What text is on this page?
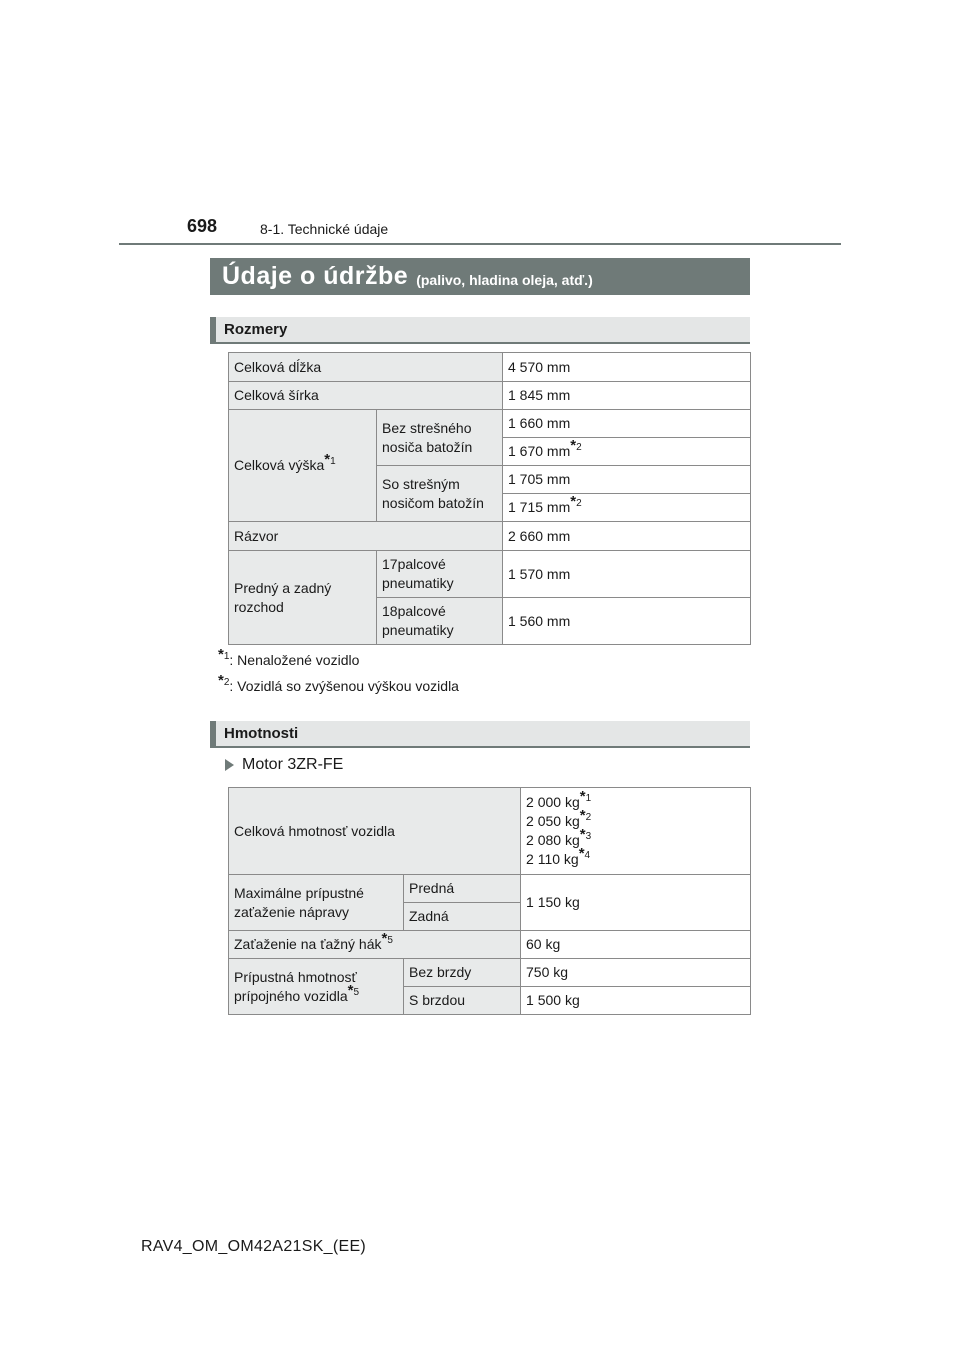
698	8-1. Technické údaje
Údaje o údržbe (palivo, hladina oleja, atď.)
Rozmery
Celková dĺžka		4 570 mm
Celková šírka		1 845 mm
Celková výška$^{*1}$	Bez strešného nosiča batožín	1 660 mm
		1 670 $mm^{*2}$
	So strešným nosičom batožín	1 705 mm
		1 715 $mm^{*2}$
Rázvor		2 660 mm
Predný a zadný rozchod	17palcové pneumatiky	1 570 mm
	18palcové pneumatiky	1 560 mm
$^{*1}$: Nenaložené vozidlo
$^{*2}$: Vozidlá so zvýšenou výškou vozidla
Hmotnosti
Motor 3ZR-FE
Celková hmotnosť vozidla		2 000 $kg^{*1}$
2 050 $kg^{*2}$
2 080 $kg^{*3}$
2 110 $kg^{*4}$

Maximálne prípustné zaťaženie nápravy	Predná	1 150 kg
	Zadná	
Zaťaženie na ťažný hák$^{*5}$		60 kg
Prípustná hmotnosť prípojného vozidla$^{*5}$	Bez brzdy	750 kg
	S brzdou	1 500 kg
RAV4_OM_OM42A21SK_(EE)
